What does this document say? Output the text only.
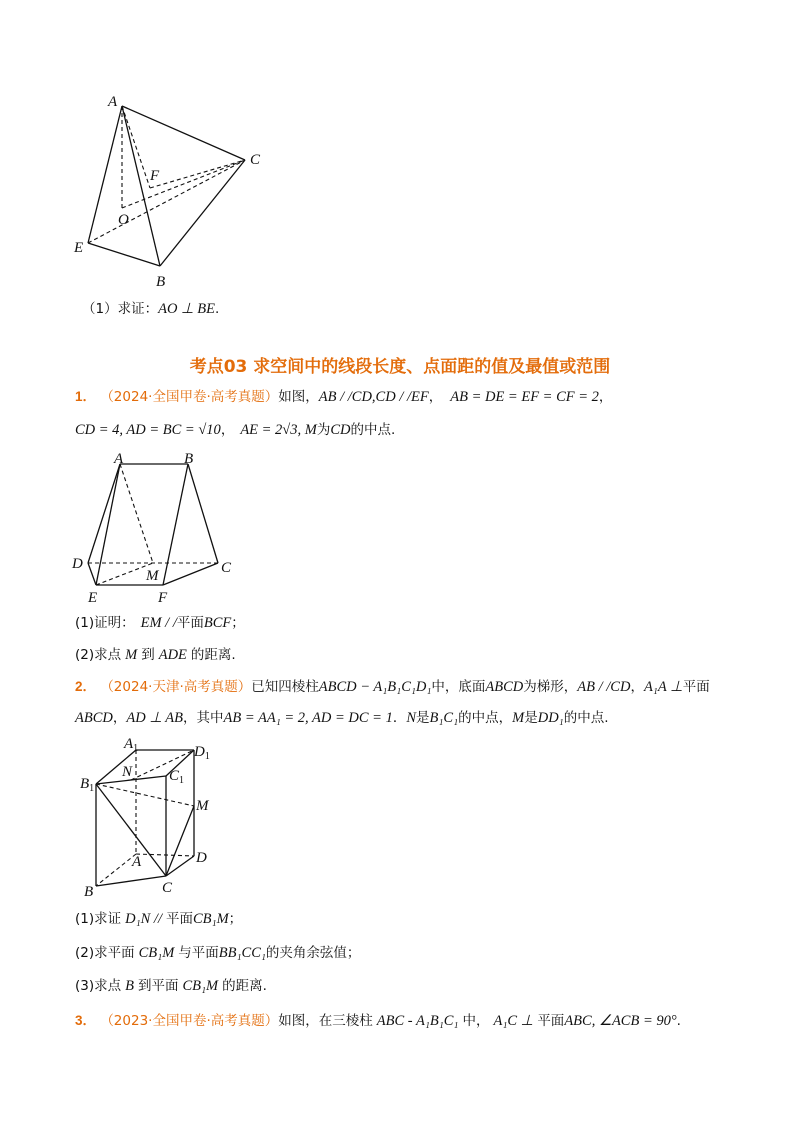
A
C
F
O
E
B
（1）求证：AO ⊥ BE.
考点03 求空间中的线段长度、点面距的值及最值或范围
1． （2024·全国甲卷·高考真题）如图，AB / /CD,CD / /EF， AB = DE = EF = CF = 2，
CD = 4, AD = BC = √10， AE = 2√3, M为CD的中点.
A	B
D
M	C
E	F
(1)证明： EM / /平面BCF；
(2)求点 M 到 ADE 的距离.
2． （2024·天津·高考真题）已知四棱柱ABCD − A₁B₁C₁D₁中，底面ABCD为梯形，AB / /CD，A₁A ⊥平面
ABCD，AD ⊥ AB，其中AB = AA₁ = 2, AD = DC = 1．N是B₁C₁的中点，M是DD₁的中点.
$A_1$	$D_1$
N $C_1$
$B_1$
M
A	D
B	C
(1)求证 D₁N // 平面CB₁M；
(2)求平面 CB₁M 与平面BB₁CC₁的夹角余弦值；
(3)求点 B 到平面 CB₁M 的距离.
3． （2023·全国甲卷·高考真题）如图，在三棱柱 ABC - A₁B₁C₁ 中， A₁C ⊥ 平面ABC, ∠ACB = 90°.
